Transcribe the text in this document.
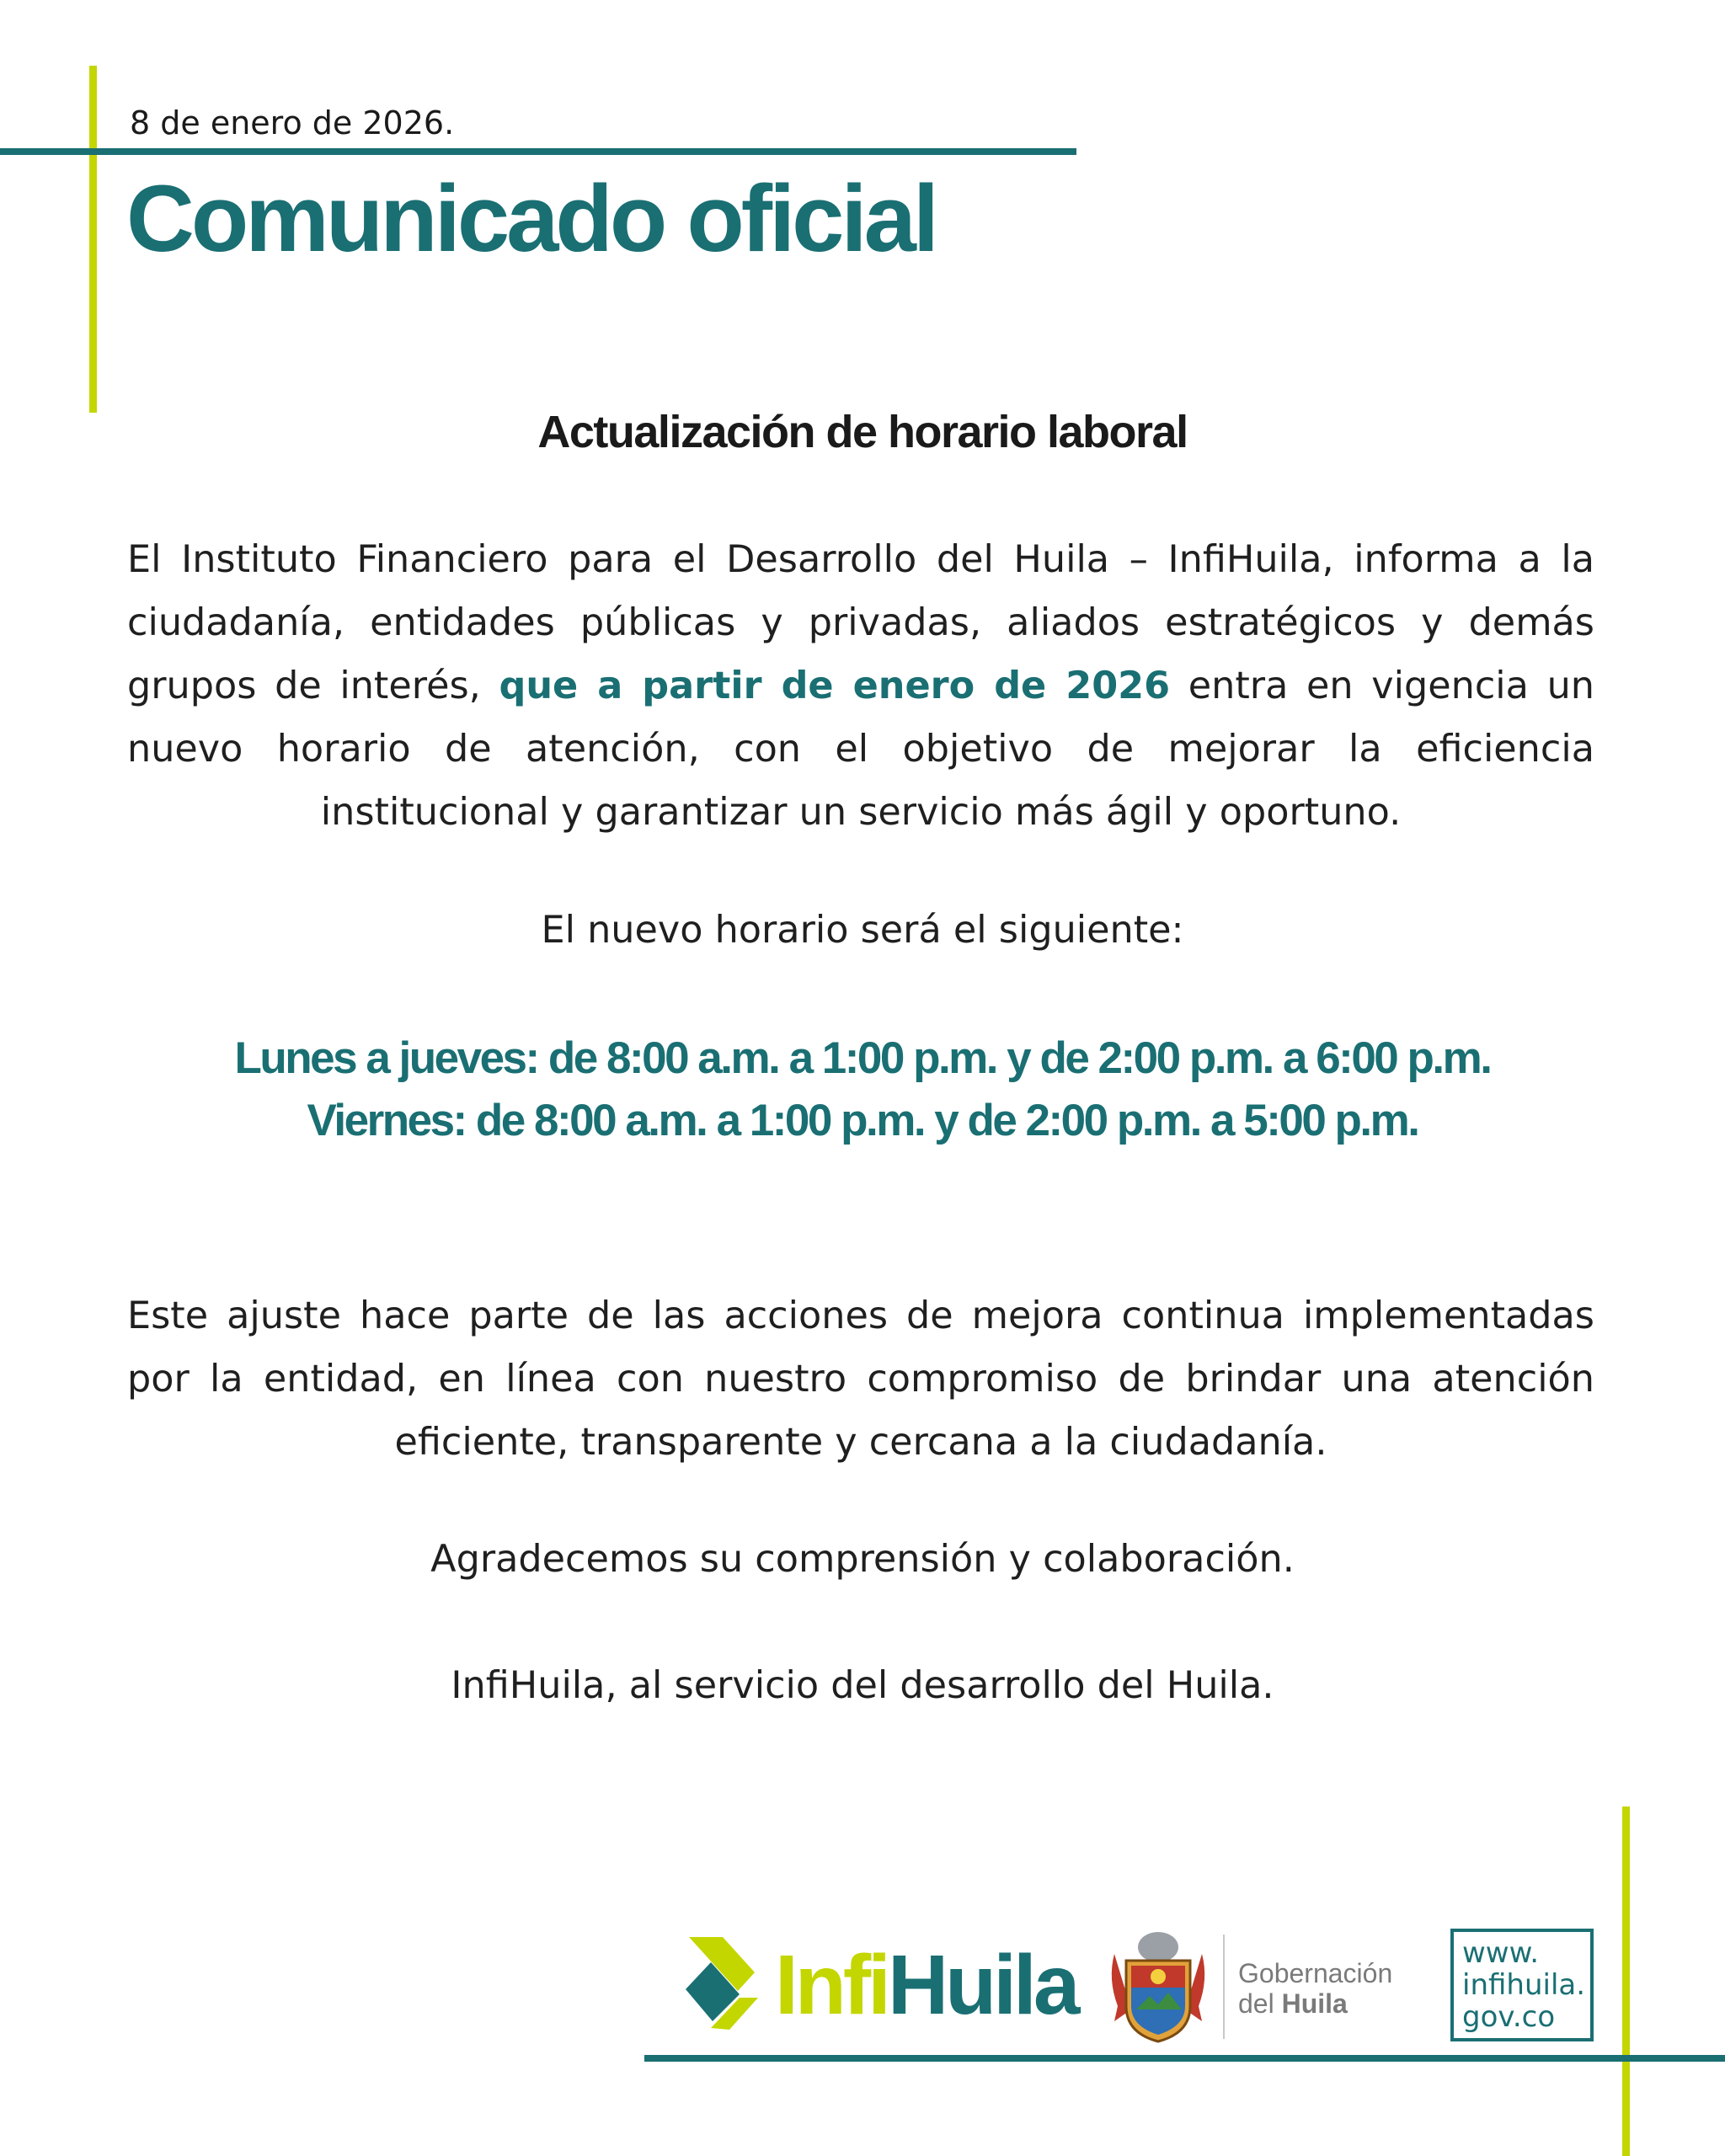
8 de enero de 2026.
Comunicado oficial
Actualización de horario laboral
El Instituto Financiero para el Desarrollo del Huila – InfiHuila, informa a la ciudadanía, entidades públicas y privadas, aliados estratégicos y demás grupos de interés, que a partir de enero de 2026 entra en vigencia un nuevo horario de atención, con el objetivo de mejorar la eficiencia institucional y garantizar un servicio más ágil y oportuno.
El nuevo horario será el siguiente:
Lunes a jueves: de 8:00 a.m. a 1:00 p.m. y de 2:00 p.m. a 6:00 p.m.
Viernes: de 8:00 a.m. a 1:00 p.m. y de 2:00 p.m. a 5:00 p.m.
Este ajuste hace parte de las acciones de mejora continua implementadas por la entidad, en línea con nuestro compromiso de brindar una atención eficiente, transparente y cercana a la ciudadanía.
Agradecemos su comprensión y colaboración.
InfiHuila, al servicio del desarrollo del Huila.
InfiHuila	Gobernación
del Huila
www.
infihuila.
gov.co
